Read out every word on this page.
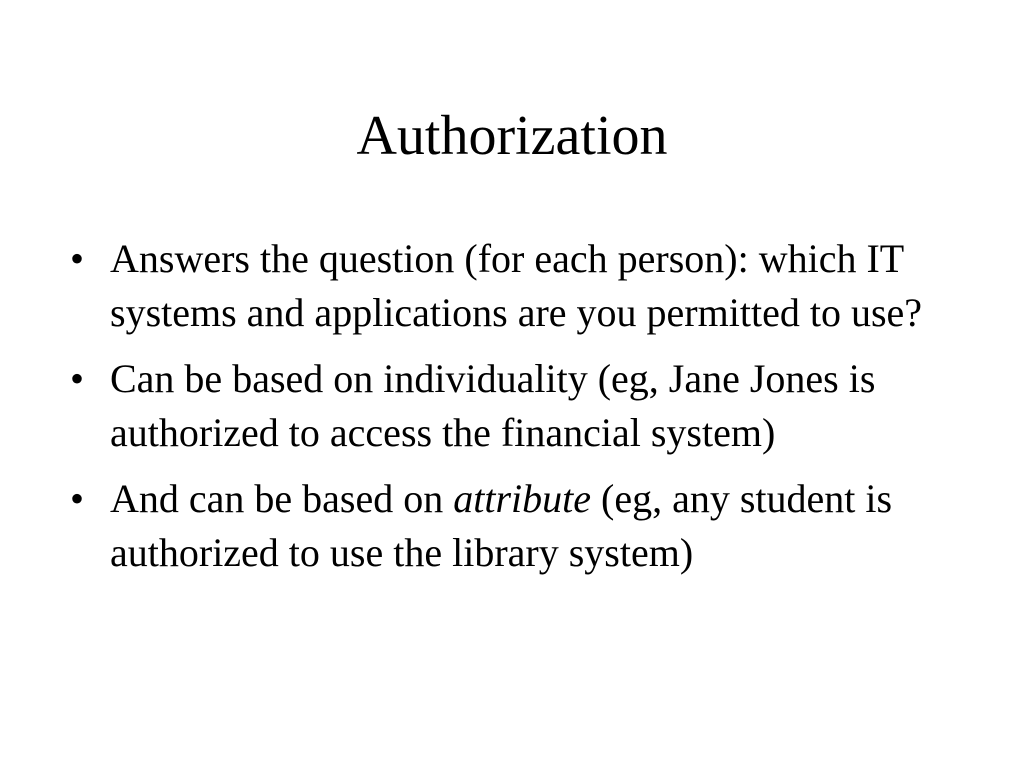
Authorization
• Answers the question (for each person): which IT systems and applications are you permitted to use?
• Can be based on individuality (eg, Jane Jones is authorized to access the financial system)
• And can be based on attribute (eg, any student is authorized to use the library system)
